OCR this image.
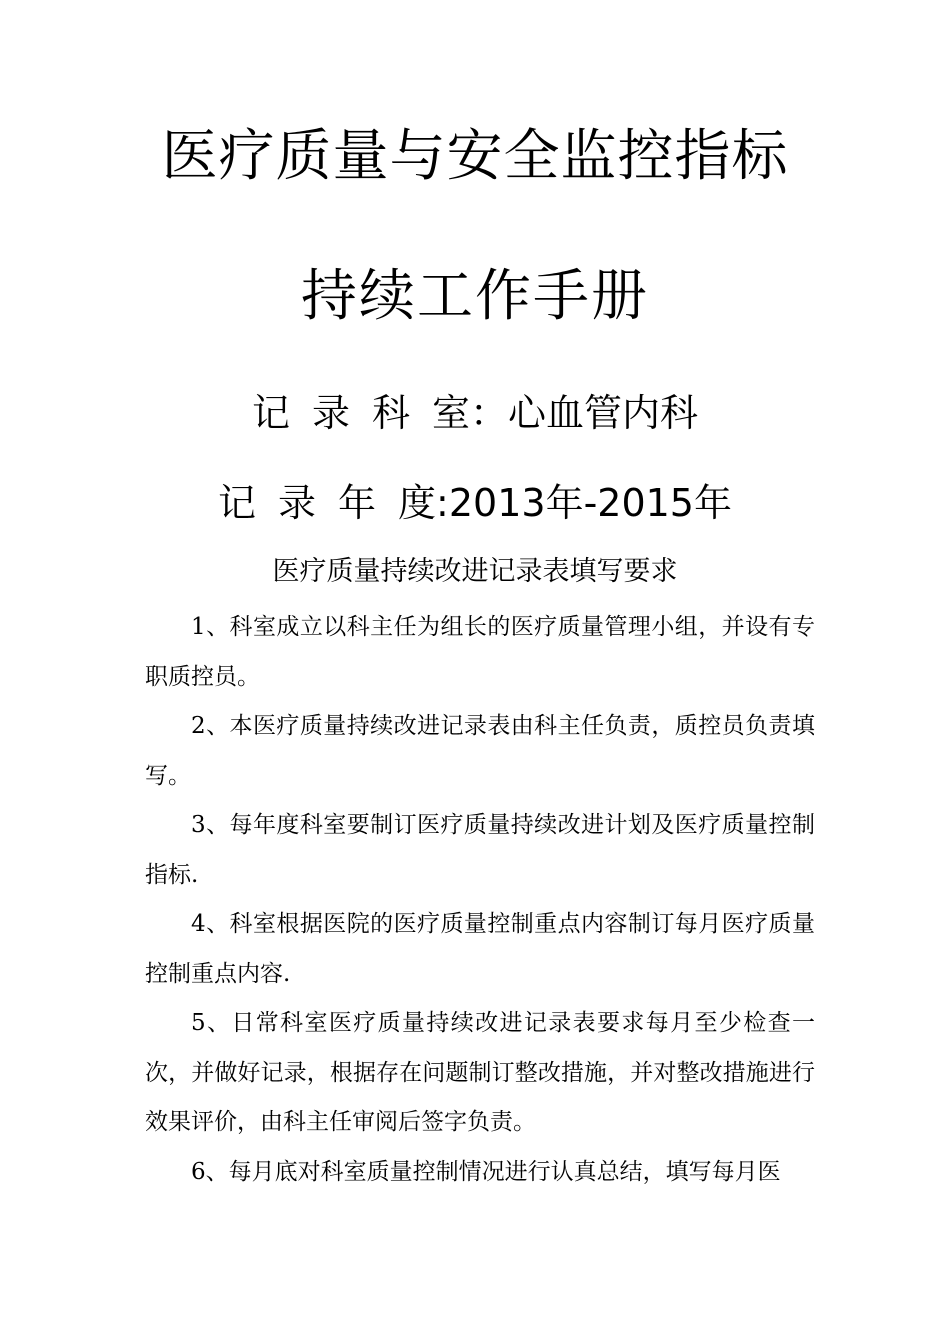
医疗质量与安全监控指标
持续工作手册
记 录 科 室：心血管内科
记 录 年 度:2013年-2015年
医疗质量持续改进记录表填写要求
1、科室成立以科主任为组长的医疗质量管理小组，并设有专职质控员。
2、本医疗质量持续改进记录表由科主任负责，质控员负责填写。
3、每年度科室要制订医疗质量持续改进计划及医疗质量控制指标.
4、科室根据医院的医疗质量控制重点内容制订每月医疗质量控制重点内容.
5、日常科室医疗质量持续改进记录表要求每月至少检查一次，并做好记录，根据存在问题制订整改措施，并对整改措施进行效果评价，由科主任审阅后签字负责。
6、每月底对科室质量控制情况进行认真总结，填写每月医
